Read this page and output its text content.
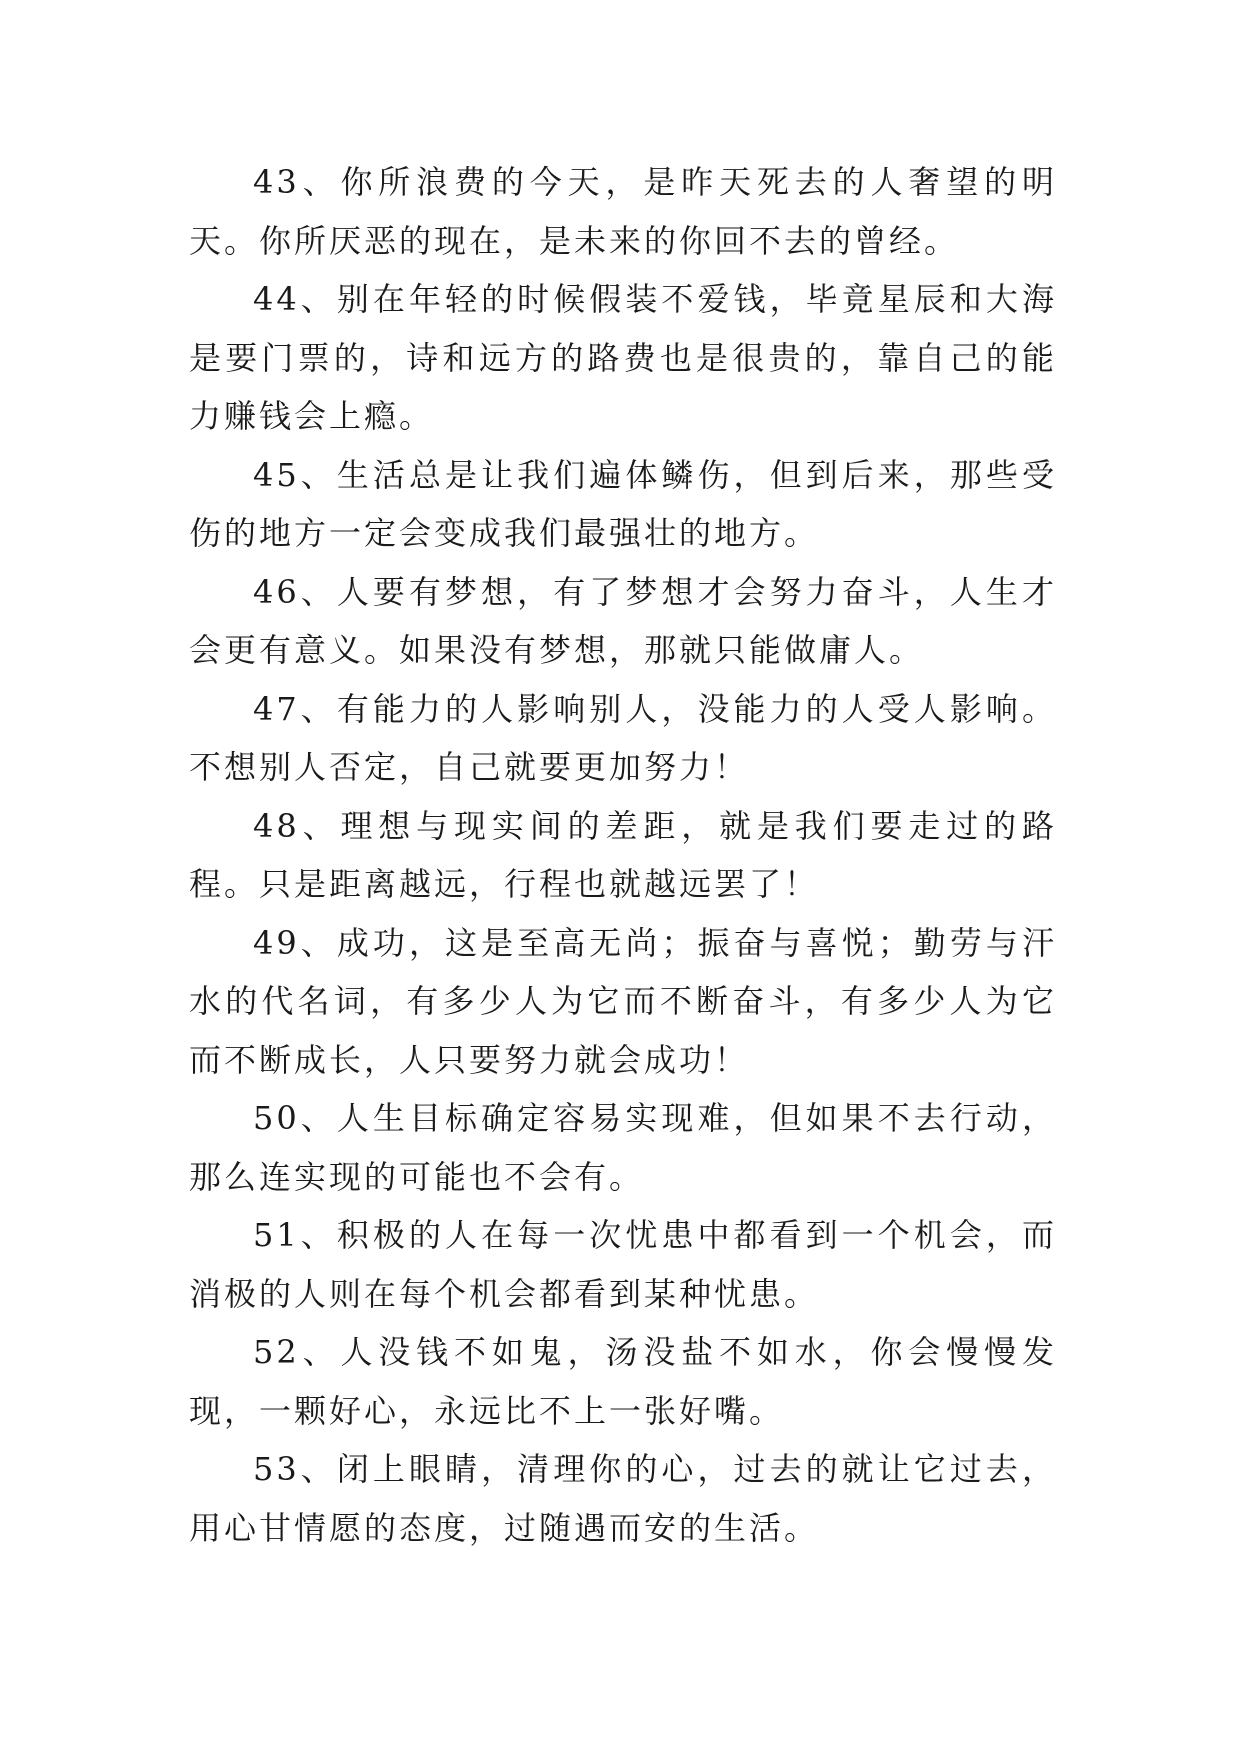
43、你所浪费的今天，是昨天死去的人奢望的明天。你所厌恶的现在，是未来的你回不去的曾经。

44、别在年轻的时候假装不爱钱，毕竟星辰和大海是要门票的，诗和远方的路费也是很贵的，靠自己的能力赚钱会上瘾。

45、生活总是让我们遍体鳞伤，但到后来，那些受伤的地方一定会变成我们最强壮的地方。

46、人要有梦想，有了梦想才会努力奋斗，人生才会更有意义。如果没有梦想，那就只能做庸人。

47、有能力的人影响别人，没能力的人受人影响。不想别人否定，自己就要更加努力！

48、理想与现实间的差距，就是我们要走过的路程。只是距离越远，行程也就越远罢了！

49、成功，这是至高无尚；振奋与喜悦；勤劳与汗水的代名词，有多少人为它而不断奋斗，有多少人为它而不断成长，人只要努力就会成功！

50、人生目标确定容易实现难，但如果不去行动，那么连实现的可能也不会有。

51、积极的人在每一次忧患中都看到一个机会，而消极的人则在每个机会都看到某种忧患。

52、人没钱不如鬼，汤没盐不如水，你会慢慢发现，一颗好心，永远比不上一张好嘴。

53、闭上眼睛，清理你的心，过去的就让它过去，用心甘情愿的态度，过随遇而安的生活。
